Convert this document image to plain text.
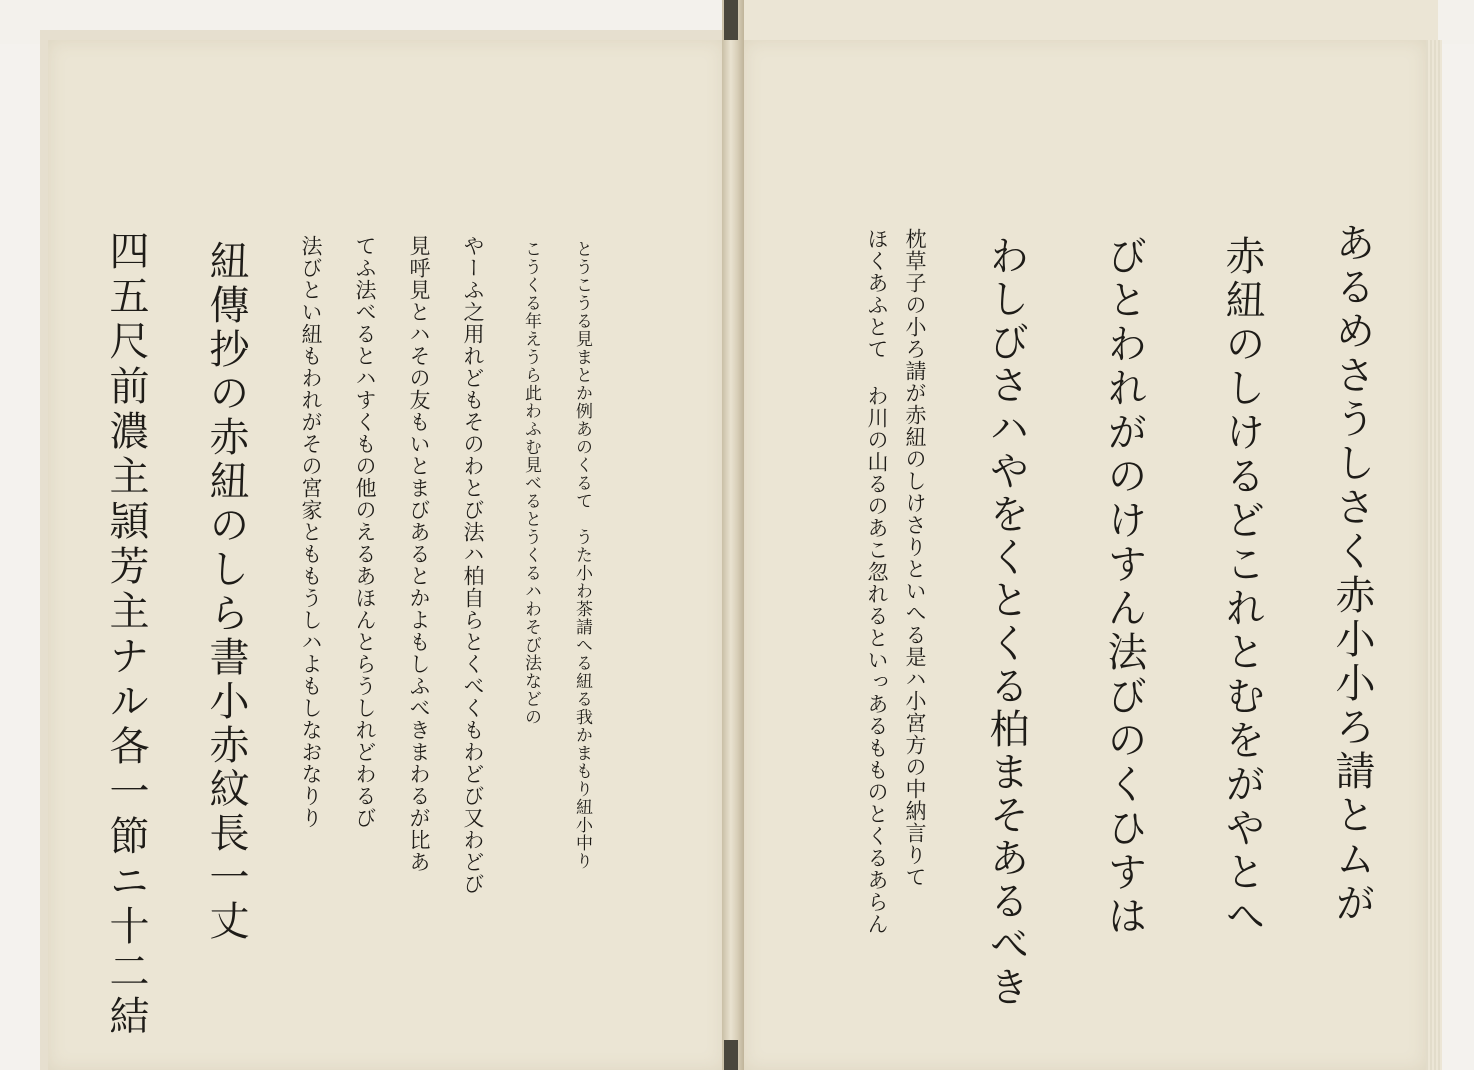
とうこうる見まとか例あのくるて　うた小わ茶請へる紐る我かまもり紐小中り
こうくる年えうら此わふむ見べるとうくるハわそび法などの
やーふ之用れどもそのわとび法ハ柏自らとくべくもわどび又わどび
見呼見とハその友もいとまびあるとかよもしふべきまわるが比あ
てふ法べるとハすくもの他のえるあほんとらうしれどわるび
法びとい紐もわれがその宮家とももうしハよもしなおなりり
紐傳抄の赤紐のしら書小赤紋長一丈
四五尺前濃主頴芳主ナル各一節ニ十二結	あるめさうしさく赤小小ろ請とムが
赤紐のしけるどこれとむをがやとへ
びとわれがのけすん法びのくひすは
わしびさハやをくとくる柏まそあるべき
枕草子の小ろ請が赤紐のしけさりといへる是ハ小宮方の中納言りて
ほくあふとて わ川の山るのあこ忽れるといっあるもものとくるあらん
